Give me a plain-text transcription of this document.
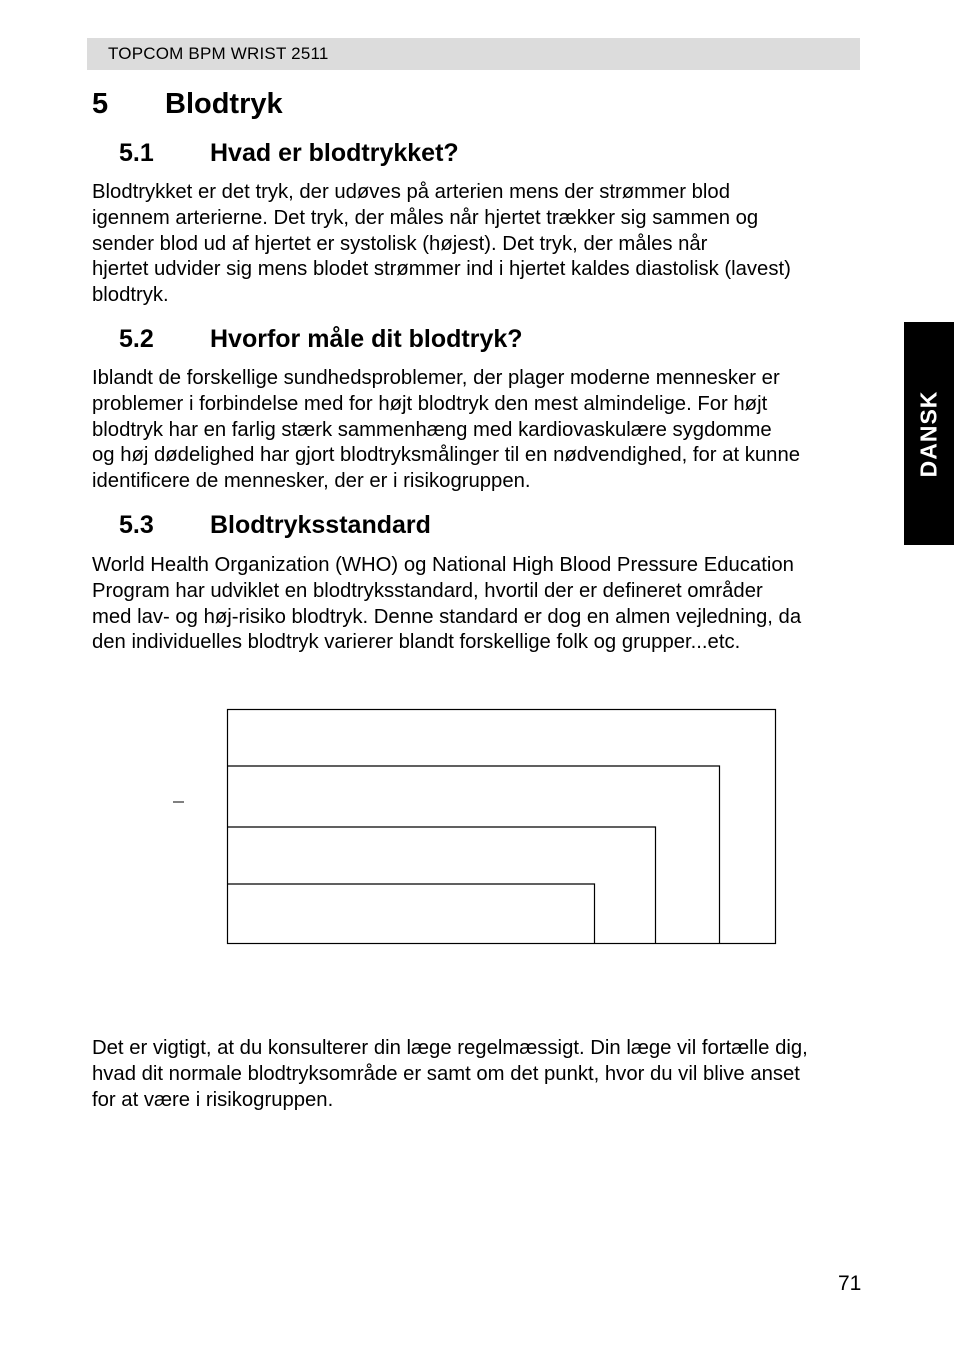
TOPCOM BPM WRIST 2511
DANSK
5	Blodtryk
5.1	Hvad er blodtrykket?

Blodtrykket er det tryk, der udøves på arterien mens der strømmer blod
igennem arterierne. Det tryk, der måles når hjertet trækker sig sammen og
sender blod ud af hjertet er systolisk (højest). Det tryk, der måles når
hjertet udvider sig mens blodet strømmer ind i hjertet kaldes diastolisk (lavest)
blodtryk.

5.2	Hvorfor måle dit blodtryk?

Iblandt de forskellige sundhedsproblemer, der plager moderne mennesker er
problemer i forbindelse med for højt blodtryk den mest almindelige. For højt
blodtryk har en farlig stærk sammenhæng med kardiovaskulære sygdomme
og høj dødelighed har gjort blodtryksmålinger til en nødvendighed, for at kunne
identificere de mennesker, der er i risikogruppen.

5.3	Blodtryksstandard

World Health Organization (WHO) og National High Blood Pressure Education
Program har udviklet en blodtryksstandard, hvortil der er defineret områder
med lav- og høj-risiko blodtryk. Denne standard er dog en almen vejledning, da
den individuelles blodtryk varierer blandt forskellige folk og grupper...etc.

Det er vigtigt, at du konsulterer din læge regelmæssigt. Din læge vil fortælle dig,
hvad dit normale blodtryksområde er samt om det punkt, hvor du vil blive anset
for at være i risikogruppen.

71
